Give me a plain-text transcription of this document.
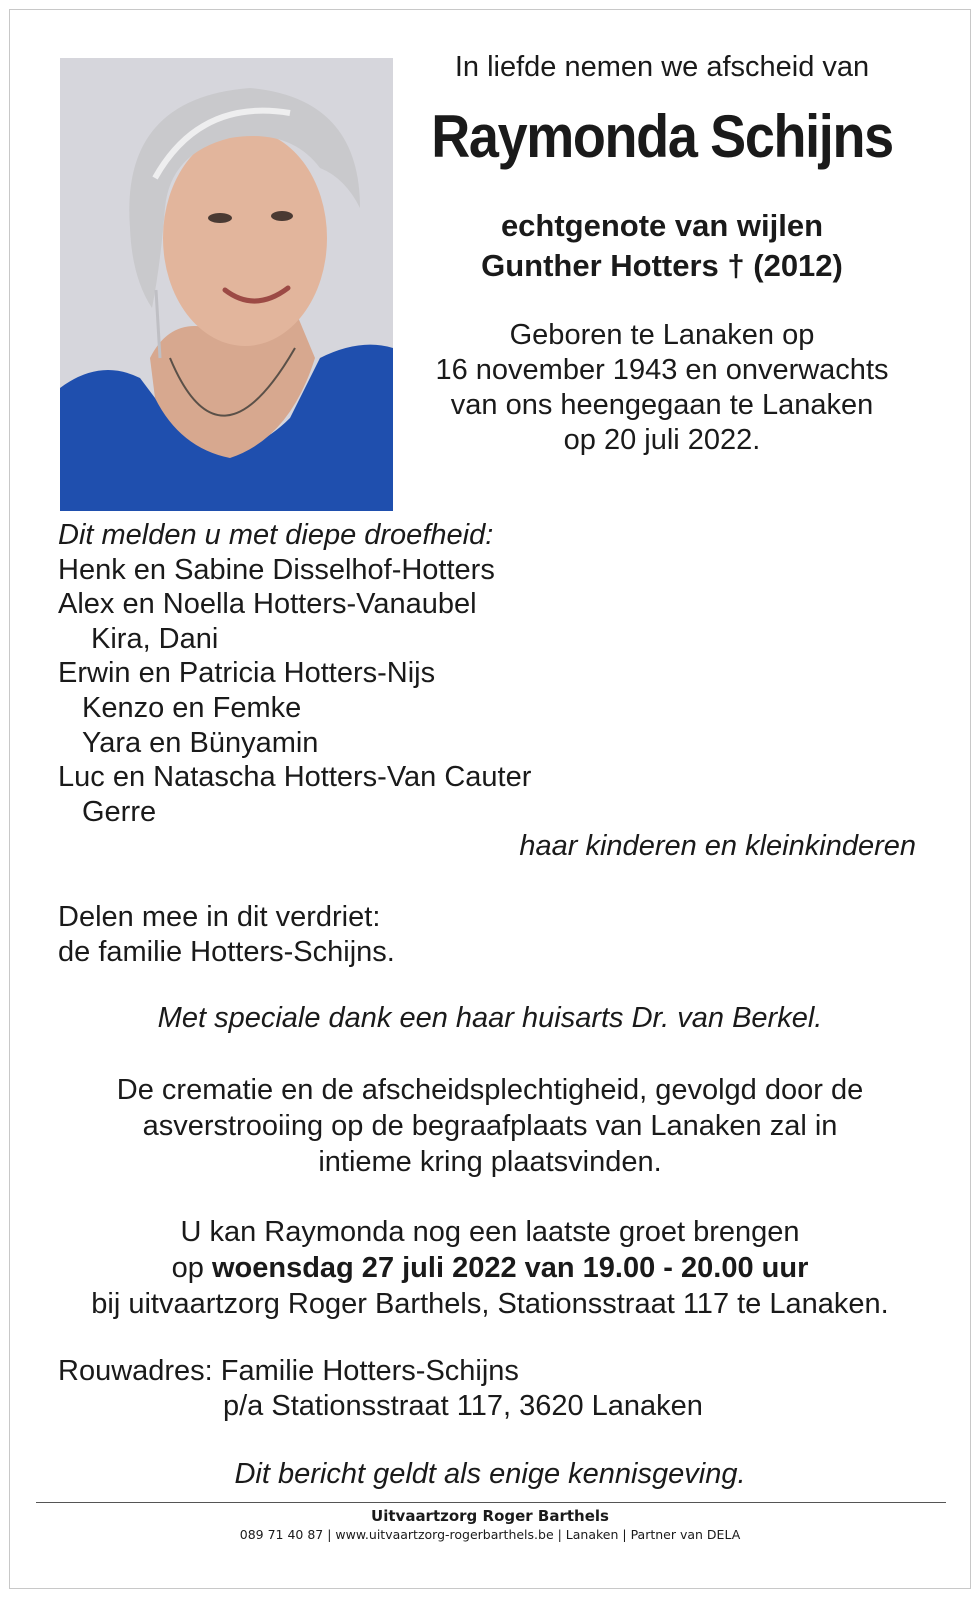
In liefde nemen we afscheid van
Raymonda Schijns
echtgenote van wijlen
Gunther Hotters † (2012)
Geboren te Lanaken op
16 november 1943 en onverwachts
van ons heengegaan te Lanaken
op 20 juli 2022.
Dit melden u met diepe droefheid:
Henk en Sabine Disselhof-Hotters
Alex en Noella Hotters-Vanaubel
Kira, Dani
Erwin en Patricia Hotters-Nijs
Kenzo en Femke
Yara en Bünyamin
Luc en Natascha Hotters-Van Cauter
Gerre
haar kinderen en kleinkinderen
Delen mee in dit verdriet:
de familie Hotters-Schijns.
Met speciale dank een haar huisarts Dr. van Berkel.
De crematie en de afscheidsplechtigheid, gevolgd door de
asverstrooiing op de begraafplaats van Lanaken zal in
intieme kring plaatsvinden.
U kan Raymonda nog een laatste groet brengen
op woensdag 27 juli 2022 van 19.00 - 20.00 uur
bij uitvaartzorg Roger Barthels, Stationsstraat 117 te Lanaken.
Rouwadres: Familie Hotters-Schijns
p/a Stationsstraat 117, 3620 Lanaken
Dit bericht geldt als enige kennisgeving.
Uitvaartzorg Roger Barthels
089 71 40 87 | www.uitvaartzorg-rogerbarthels.be | Lanaken | Partner van DELA
